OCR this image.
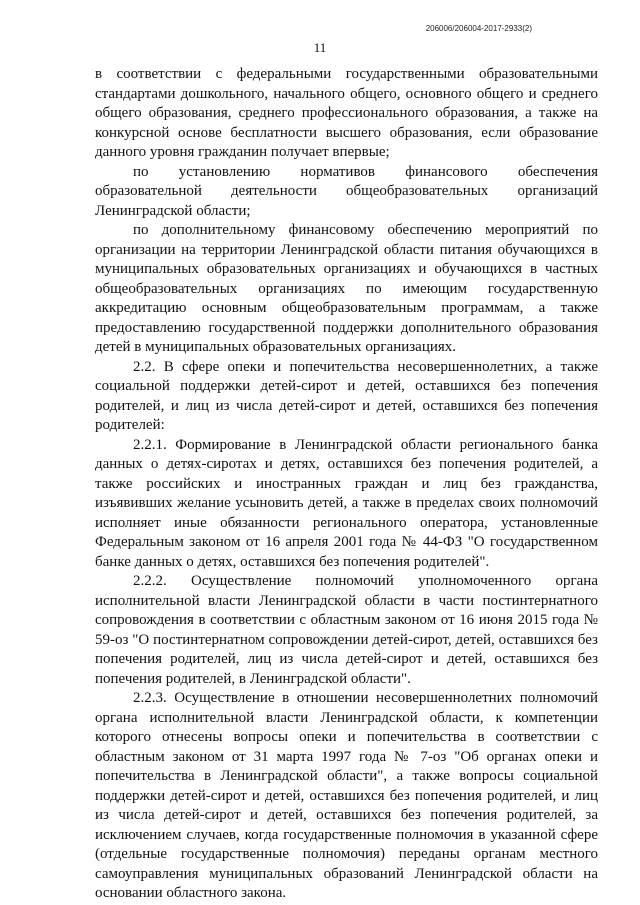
206006/206004-2017-2933(2)
11

в соответствии с федеральными государственными образовательными стандартами дошкольного, начального общего, основного общего и среднего общего образования, среднего профессионального образования, а также на конкурсной основе бесплатности высшего образования, если образование данного уровня гражданин получает впервые;

по установлению нормативов финансового обеспечения образовательной деятельности общеобразовательных организаций Ленинградской области;

по дополнительному финансовому обеспечению мероприятий по организации на территории Ленинградской области питания обучающихся в муниципальных образовательных организациях и обучающихся в частных общеобразовательных организациях по имеющим государственную аккредитацию основным общеобразовательным программам, а также предоставлению государственной поддержки дополнительного образования детей в муниципальных образовательных организациях.

2.2. В сфере опеки и попечительства несовершеннолетних, а также социальной поддержки детей-сирот и детей, оставшихся без попечения родителей, и лиц из числа детей-сирот и детей, оставшихся без попечения родителей:

2.2.1. Формирование в Ленинградской области регионального банка данных о детях-сиротах и детях, оставшихся без попечения родителей, а также российских и иностранных граждан и лиц без гражданства, изъявивших желание усыновить детей, а также в пределах своих полномочий исполняет иные обязанности регионального оператора, установленные Федеральным законом от 16 апреля 2001 года № 44-ФЗ "О государственном банке данных о детях, оставшихся без попечения родителей".

2.2.2. Осуществление полномочий уполномоченного органа исполнительной власти Ленинградской области в части постинтернатного сопровождения в соответствии с областным законом от 16 июня 2015 года № 59-оз "О постинтернатном сопровождении детей-сирот, детей, оставшихся без попечения родителей, лиц из числа детей-сирот и детей, оставшихся без попечения родителей, в Ленинградской области".

2.2.3. Осуществление в отношении несовершеннолетних полномочий органа исполнительной власти Ленинградской области, к компетенции которого отнесены вопросы опеки и попечительства в соответствии с областным законом от 31 марта 1997 года № 7-оз "Об органах опеки и попечительства в Ленинградской области", а также вопросы социальной поддержки детей-сирот и детей, оставшихся без попечения родителей, и лиц из числа детей-сирот и детей, оставшихся без попечения родителей, за исключением случаев, когда государственные полномочия в указанной сфере (отдельные государственные полномочия) переданы органам местного самоуправления муниципальных образований Ленинградской области на основании областного закона.
